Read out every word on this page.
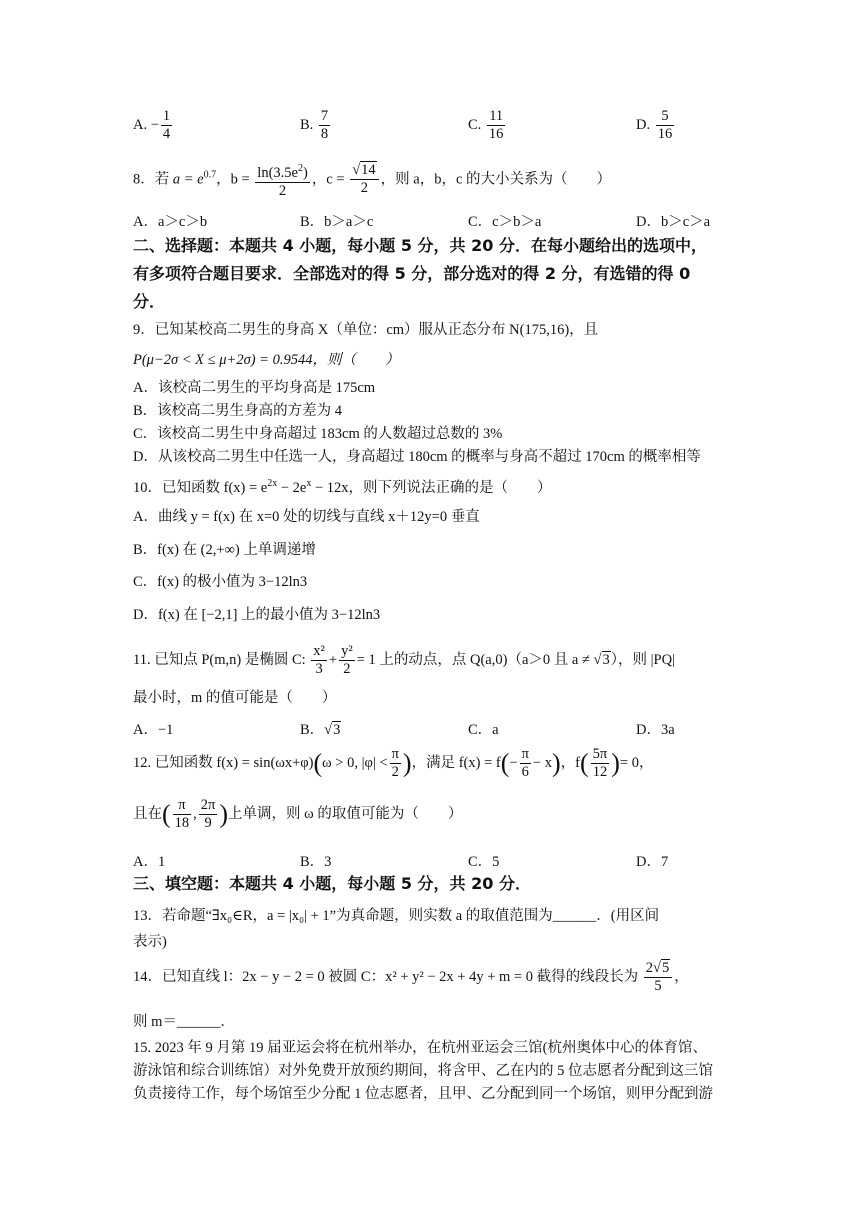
A. − $\frac{1}{4}$	B. $\frac{7}{8}$	C. $\frac{11}{16}$	D. $\frac{5}{16}$
8．若 $a = e^{0.7}$，$b = \frac{\ln(3.5e^2)}{2}$ ，$c = \frac{√14}{2}$ ，则 a，b，c 的大小关系为（　　）
A．a＞c＞b	B．b＞a＞c	C．c＞b＞a	D．b＞c＞a
二、选择题：本题共 4 小题，每小题 5 分，共 20 分．在每小题给出的选项中，
有多项符合题目要求．全部选对的得 5 分，部分选对的得 2 分，有选错的得 0
分．
9．已知某校高二男生的身高 X（单位：cm）服从正态分布 N(175,16)，且
P(μ−2σ < X ≤ μ+2σ) = 0.9544，则（　　）
A．该校高二男生的平均身高是 175cm
B．该校高二男生身高的方差为 4
C．该校高二男生中身高超过 183cm 的人数超过总数的 3%
D．从该校高二男生中任选一人，身高超过 180cm 的概率与身高不超过 170cm 的概率相等
10．已知函数 $f(x) = e^{2x} - 2e^x - 12x$，则下列说法正确的是（　　）
A．曲线 y = f(x) 在 x=0 处的切线与直线 x＋12y=0 垂直
B．f(x) 在 (2,+∞) 上单调递增
C．f(x) 的极小值为 3−12ln3
D．f(x) 在 [−2,1] 上的最小值为 3−12ln3
11. 已知点 P(m,n) 是椭圆 C: $\frac{\text{x²}}{3} + \frac{\text{y²}}{2} = 1$ 上的动点，点 Q(a,0)（a＞0 且 a ≠ √3），则 |PQ|
最小时，m 的值可能是（　　）
A．−1	B．√3	C．a	D．3a
12. 已知函数 f(x) = sin(ωx+φ)(ω > 0, $|\varphi| < \frac{\pi}{2}$ )，满足 $f(x) = f(- \frac{\pi}{6} - x)$，$f( \frac{5\pi}{12}$ )= 0，
且在( $\frac{\pi}{18}$ , $\frac{2\pi}{9}$ )上单调，则 ω 的取值可能为（　　）
A．1	B．3	C．5	D．7
三、填空题：本题共 4 小题，每小题 5 分，共 20 分．
13．若命题“∃x₀∈R，a = |x₀| + 1”为真命题，则实数 a 的取值范围为______．(用区间
表示)
14．已知直线 l：2x − y − 2 = 0 被圆 C：x² + y² − 2x + 4y + m = 0 截得的线段长为 $\frac{2√5}{5}$ ，
则 m＝______．
15. 2023 年 9 月第 19 届亚运会将在杭州举办，在杭州亚运会三馆(杭州奥体中心的体育馆、
游泳馆和综合训练馆）对外免费开放预约期间，将含甲、乙在内的 5 位志愿者分配到这三馆
负责接待工作，每个场馆至少分配 1 位志愿者，且甲、乙分配到同一个场馆，则甲分配到游
